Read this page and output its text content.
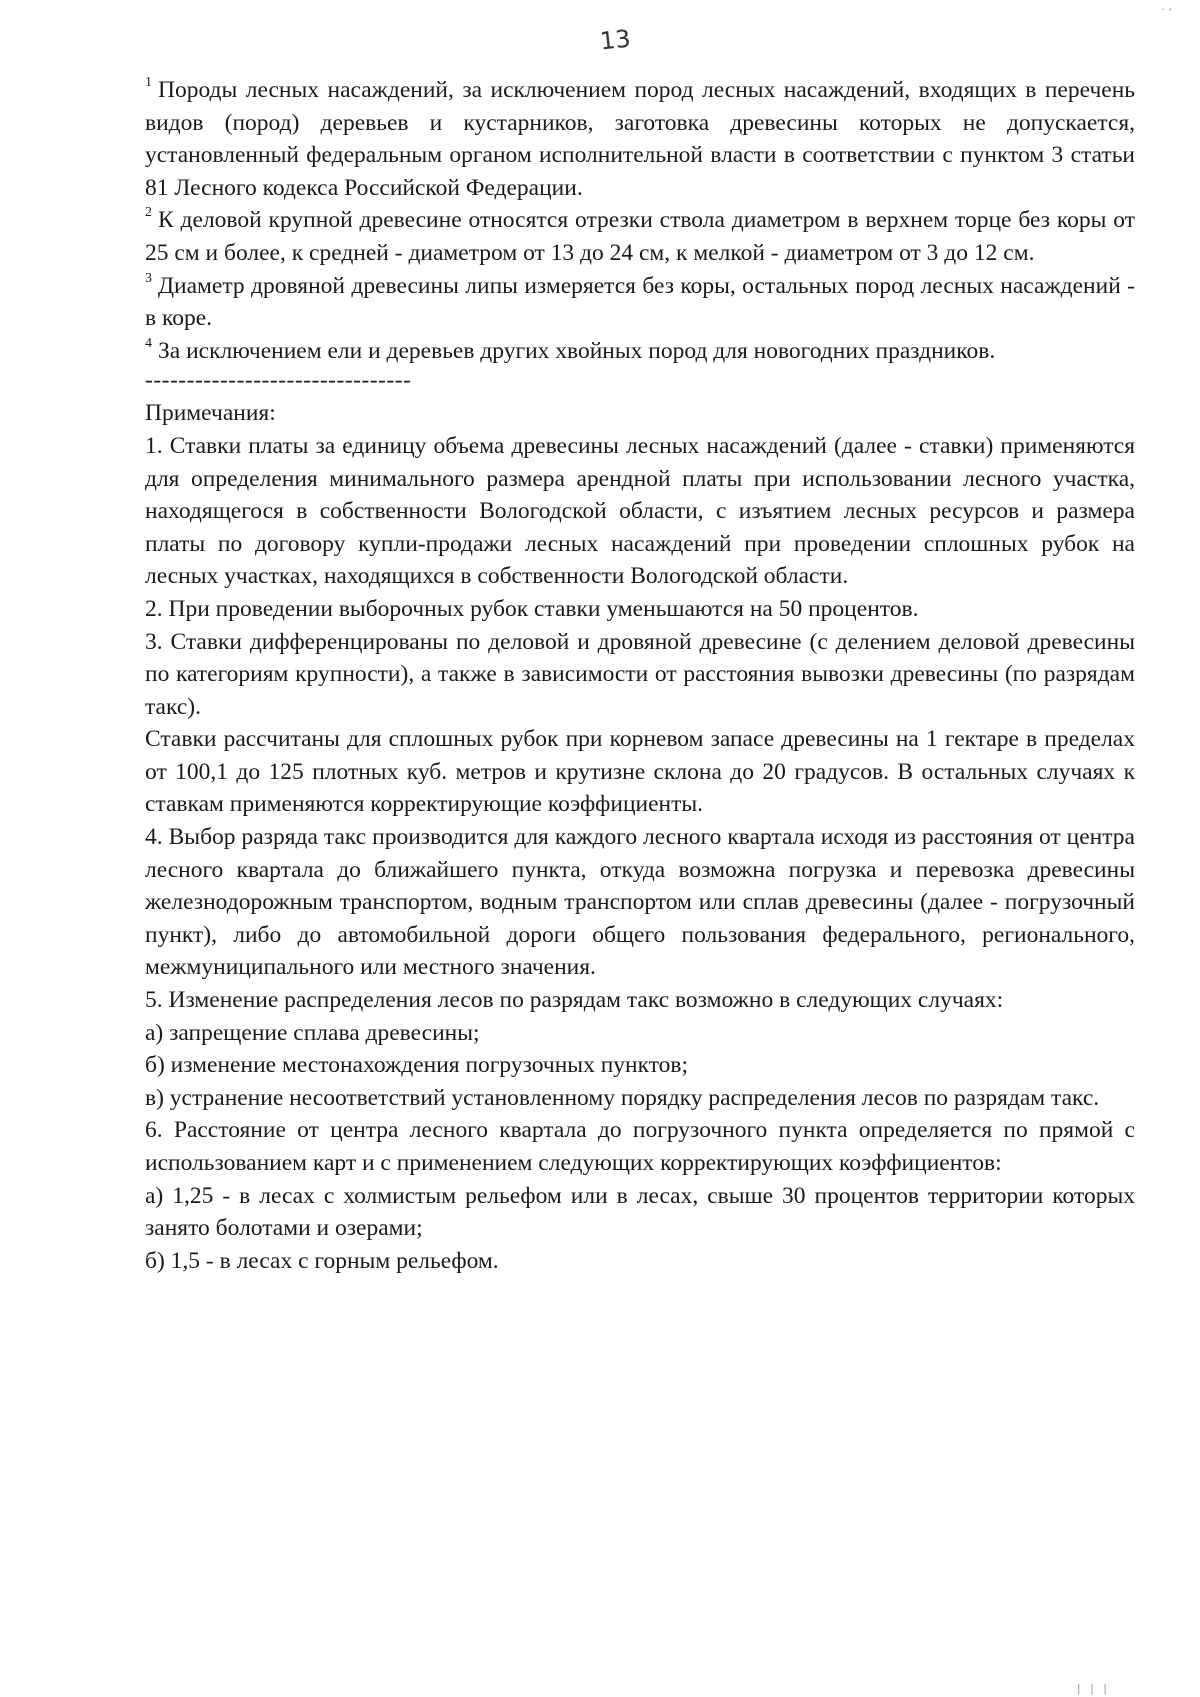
13

$^1$ Породы лесных насаждений, за исключением пород лесных насаждений, входящих в перечень видов (пород) деревьев и кустарников, заготовка древесины которых не допускается, установленный федеральным органом исполнительной власти в соответствии с пунктом 3 статьи 81 Лесного кодекса Российской Федерации.

$^2$ К деловой крупной древесине относятся отрезки ствола диаметром в верхнем торце без коры от 25 см и более, к средней - диаметром от 13 до 24 см, к мелкой - диаметром от 3 до 12 см.

$^3$ Диаметр дровяной древесины липы измеряется без коры, остальных пород лесных насаждений - в коре.

$^4$ За исключением ели и деревьев других хвойных пород для новогодних праздников.

--------------------------------

Примечания:

1. Ставки платы за единицу объема древесины лесных насаждений (далее - ставки) применяются для определения минимального размера арендной платы при использовании лесного участка, находящегося в собственности Вологодской области, с изъятием лесных ресурсов и размера платы по договору купли-продажи лесных насаждений при проведении сплошных рубок на лесных участках, находящихся в собственности Вологодской области.

2. При проведении выборочных рубок ставки уменьшаются на 50 процентов.

3. Ставки дифференцированы по деловой и дровяной древесине (с делением деловой древесины по категориям крупности), а также в зависимости от расстояния вывозки древесины (по разрядам такс).

Ставки рассчитаны для сплошных рубок при корневом запасе древесины на 1 гектаре в пределах от 100,1 до 125 плотных куб. метров и крутизне склона до 20 градусов. В остальных случаях к ставкам применяются корректирующие коэффициенты.

4. Выбор разряда такс производится для каждого лесного квартала исходя из расстояния от центра лесного квартала до ближайшего пункта, откуда возможна погрузка и перевозка древесины железнодорожным транспортом, водным транспортом или сплав древесины (далее - погрузочный пункт), либо до автомобильной дороги общего пользования федерального, регионального, межмуниципального или местного значения.

5. Изменение распределения лесов по разрядам такс возможно в следующих случаях:

а) запрещение сплава древесины;

б) изменение местонахождения погрузочных пунктов;

в) устранение несоответствий установленному порядку распределения лесов по разрядам такс.

6. Расстояние от центра лесного квартала до погрузочного пункта определяется по прямой с использованием карт и с применением следующих корректирующих коэффициентов:

а) 1,25 - в лесах с холмистым рельефом или в лесах, свыше 30 процентов территории которых занято болотами и озерами;

б) 1,5 - в лесах с горным рельефом.

. ,
| | |
